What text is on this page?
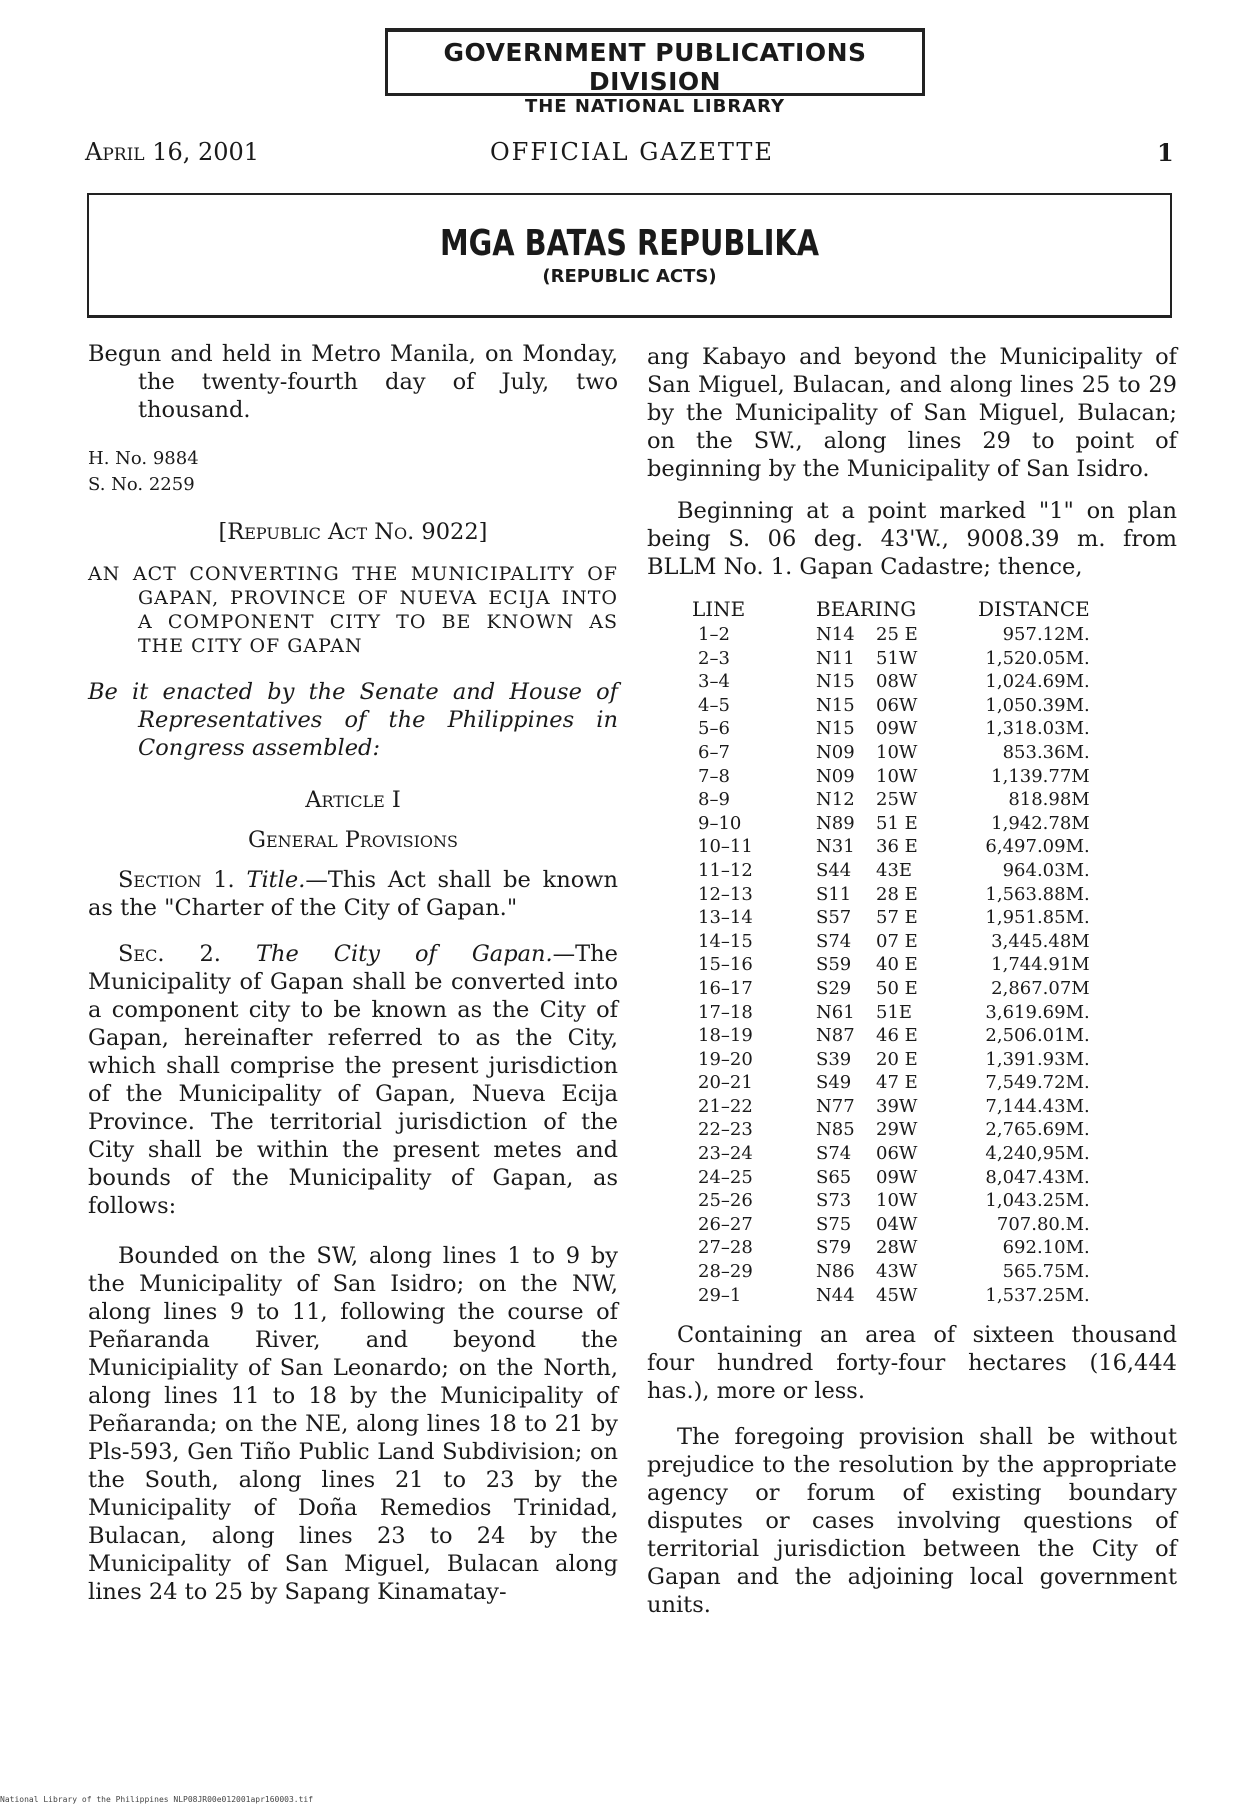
GOVERNMENT PUBLICATIONS DIVISION
THE NATIONAL LIBRARY
April 16, 2001	OFFICIAL GAZETTE	1
MGA BATAS REPUBLIKA
(REPUBLIC ACTS)

Begun and held in Metro Manila, on Monday, the twenty-fourth day of July, two thousand.

H. No. 9884

S. No. 2259

[Republic Act No. 9022]

AN ACT CONVERTING THE MUNICIPALITY OF GAPAN, PROVINCE OF NUEVA ECIJA INTO A COMPONENT CITY TO BE KNOWN AS THE CITY OF GAPAN

Be it enacted by the Senate and House of Representatives of the Philippines in Congress assembled:

Article I

General Provisions

Section 1. Title.—This Act shall be known as the "Charter of the City of Gapan."

Sec. 2. The City of Gapan.—The Municipality of Gapan shall be converted into a component city to be known as the City of Gapan, hereinafter referred to as the City, which shall comprise the present jurisdiction of the Municipality of Gapan, Nueva Ecija Province. The territorial jurisdiction of the City shall be within the present metes and bounds of the Municipality of Gapan, as follows:

Bounded on the SW, along lines 1 to 9 by the Municipality of San Isidro; on the NW, along lines 9 to 11, following the course of Peñaranda River, and beyond the Municipiality of San Leonardo; on the North, along lines 11 to 18 by the Municipality of Peñaranda; on the NE, along lines 18 to 21 by Pls-593, Gen Tiño Public Land Subdivision; on the South, along lines 21 to 23 by the Municipality of Doña Remedios Trinidad, Bulacan, along lines 23 to 24 by the Municipality of San Miguel, Bulacan along lines 24 to 25 by Sapang Kinamatay-

ang Kabayo and beyond the Municipality of San Miguel, Bulacan, and along lines 25 to 29 by the Municipality of San Miguel, Bulacan; on the SW., along lines 29 to point of beginning by the Municipality of San Isidro.

Beginning at a point marked "1" on plan being S. 06 deg. 43'W., 9008.39 m. from BLLM No. 1. Gapan Cadastre; thence,

LINE	BEARING		DISTANCE
1–2	N14	25 E	957.12M.
2–3	N11	51W	1,520.05M.
3–4	N15	08W	1,024.69M.
4–5	N15	06W	1,050.39M.
5–6	N15	09W	1,318.03M.
6–7	N09	10W	853.36M.
7–8	N09	10W	1,139.77M
8–9	N12	25W	818.98M
9–10	N89	51 E	1,942.78M
10–11	N31	36 E	6,497.09M.
11–12	S44	43E	964.03M.
12–13	S11	28 E	1,563.88M.
13–14	S57	57 E	1,951.85M.
14–15	S74	07 E	3,445.48M
15–16	S59	40 E	1,744.91M
16–17	S29	50 E	2,867.07M
17–18	N61	51E	3,619.69M.
18–19	N87	46 E	2,506.01M.
19–20	S39	20 E	1,391.93M.
20–21	S49	47 E	7,549.72M.
21–22	N77	39W	7,144.43M.
22–23	N85	29W	2,765.69M.
23–24	S74	06W	4,240,95M.
24–25	S65	09W	8,047.43M.
25–26	S73	10W	1,043.25M.
26–27	S75	04W	707.80.M.
27–28	S79	28W	692.10M.
28–29	N86	43W	565.75M.
29–1	N44	45W	1,537.25M.

Containing an area of sixteen thousand four hundred forty-four hectares (16,444 has.), more or less.

The foregoing provision shall be without prejudice to the resolution by the appropriate agency or forum of existing boundary disputes or cases involving questions of territorial jurisdiction between the City of Gapan and the adjoining local government units.

National Library of the Philippines NLP08JR00e012001apr160003.tif
